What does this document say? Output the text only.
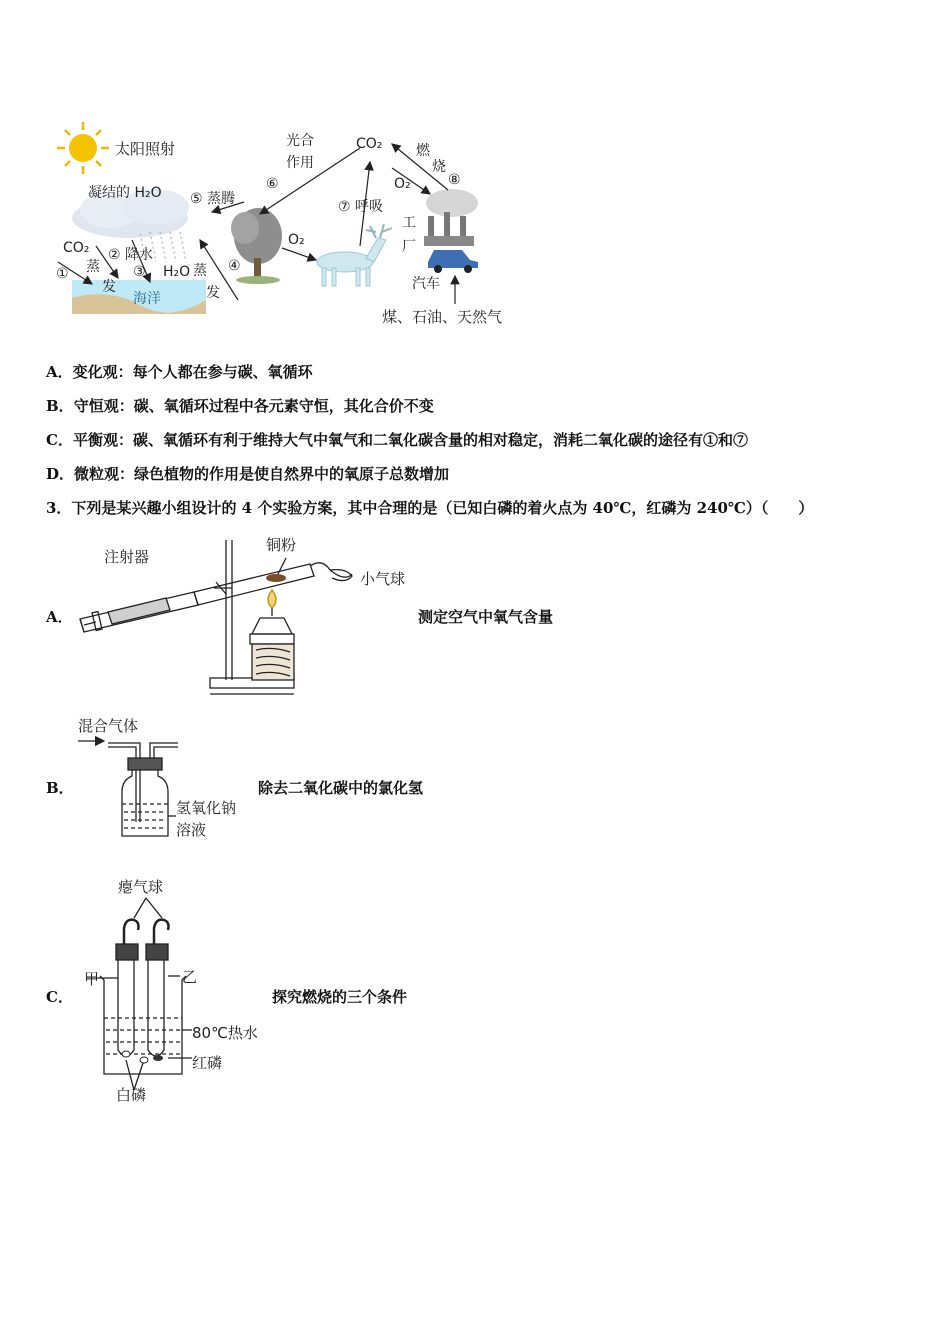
太阳照射
凝结的 H₂O
CO₂
蒸
发
①
② 降水
③ H₂O
海洋
蒸
发
④
⑤ 蒸腾
⑥
光合
作用
CO₂
O₂
⑦ 呼吸
O₂
燃
烧
⑧
工
厂
汽车
煤、石油、天然气
A．变化观：每个人都在参与碳、氧循环
B．守恒观：碳、氧循环过程中各元素守恒，其化合价不变
C．平衡观：碳、氧循环有利于维持大气中氧气和二氧化碳含量的相对稳定，消耗二氧化碳的途径有①和⑦
D．微粒观：绿色植物的作用是使自然界中的氧原子总数增加
3．下列是某兴趣小组设计的 4 个实验方案，其中合理的是（已知白磷的着火点为 40℃，红磷为 240℃）（　　）
A．
注射器
铜粉
小气球
测定空气中氧气含量
B．
混合气体
氢氧化钠
溶液
除去二氧化碳中的氯化氢
C．
瘪气球
甲	乙
80℃热水
红磷
白磷
探究燃烧的三个条件
